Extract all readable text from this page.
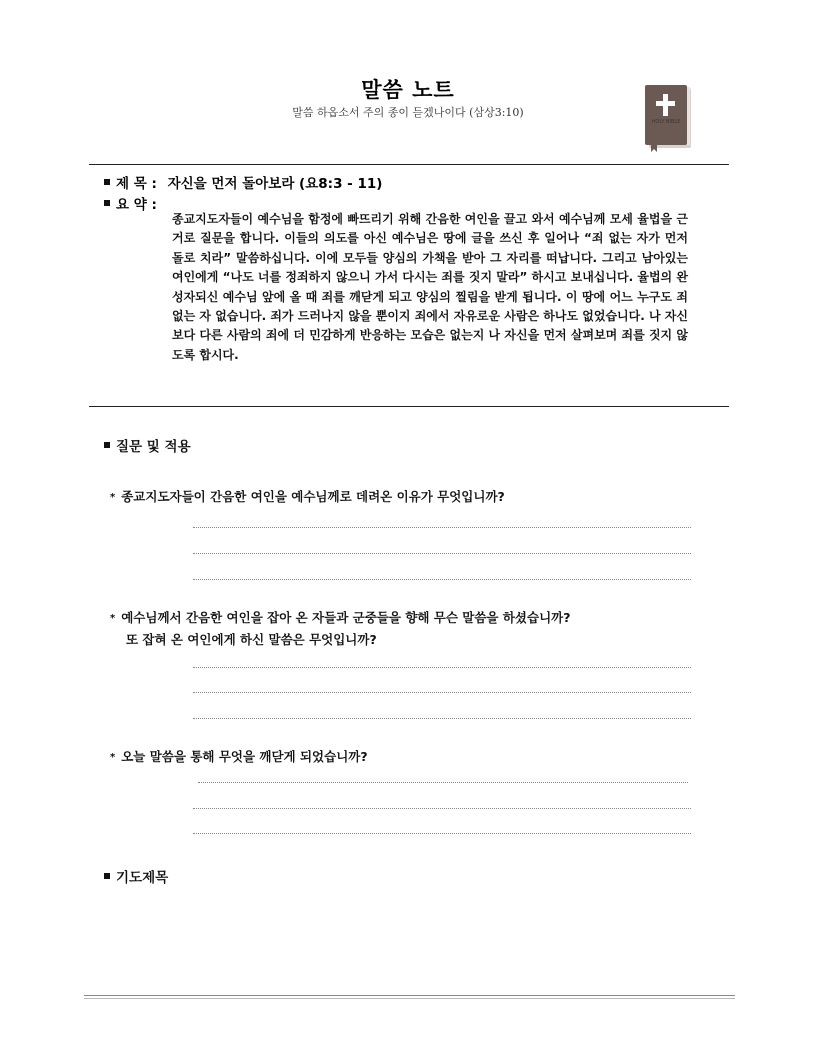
말씀 노트
말씀 하옵소서 주의 종이 듣겠나이다 (삼상3:10)
HOLY BIBLE
제 목 : 자신을 먼저 돌아보라 (요8:3 - 11)
요 약 :
종교지도자들이 예수님을 함정에 빠뜨리기 위해 간음한 여인을 끌고 와서 예수님께 모세 율법을 근거로 질문을 합니다. 이들의 의도를 아신 예수님은 땅에 글을 쓰신 후 일어나 “죄 없는 자가 먼저 돌로 치라” 말씀하십니다. 이에 모두들 양심의 가책을 받아 그 자리를 떠납니다. 그리고 남아있는 여인에게 “나도 너를 정죄하지 않으니 가서 다시는 죄를 짓지 말라” 하시고 보내십니다. 율법의 완성자되신 예수님 앞에 올 때 죄를 깨닫게 되고 양심의 찔림을 받게 됩니다. 이 땅에 어느 누구도 죄 없는 자 없습니다. 죄가 드러나지 않을 뿐이지 죄에서 자유로운 사람은 하나도 없었습니다. 나 자신보다 다른 사람의 죄에 더 민감하게 반응하는 모습은 없는지 나 자신을 먼저 살펴보며 죄를 짓지 않도록 합시다.
질문 및 적용
* 종교지도자들이 간음한 여인을 예수님께로 데려온 이유가 무엇입니까?
* 예수님께서 간음한 여인을 잡아 온 자들과 군중들을 향해 무슨 말씀을 하셨습니까?
또 잡혀 온 여인에게 하신 말씀은 무엇입니까?
* 오늘 말씀을 통해 무엇을 깨닫게 되었습니까?
기도제목
